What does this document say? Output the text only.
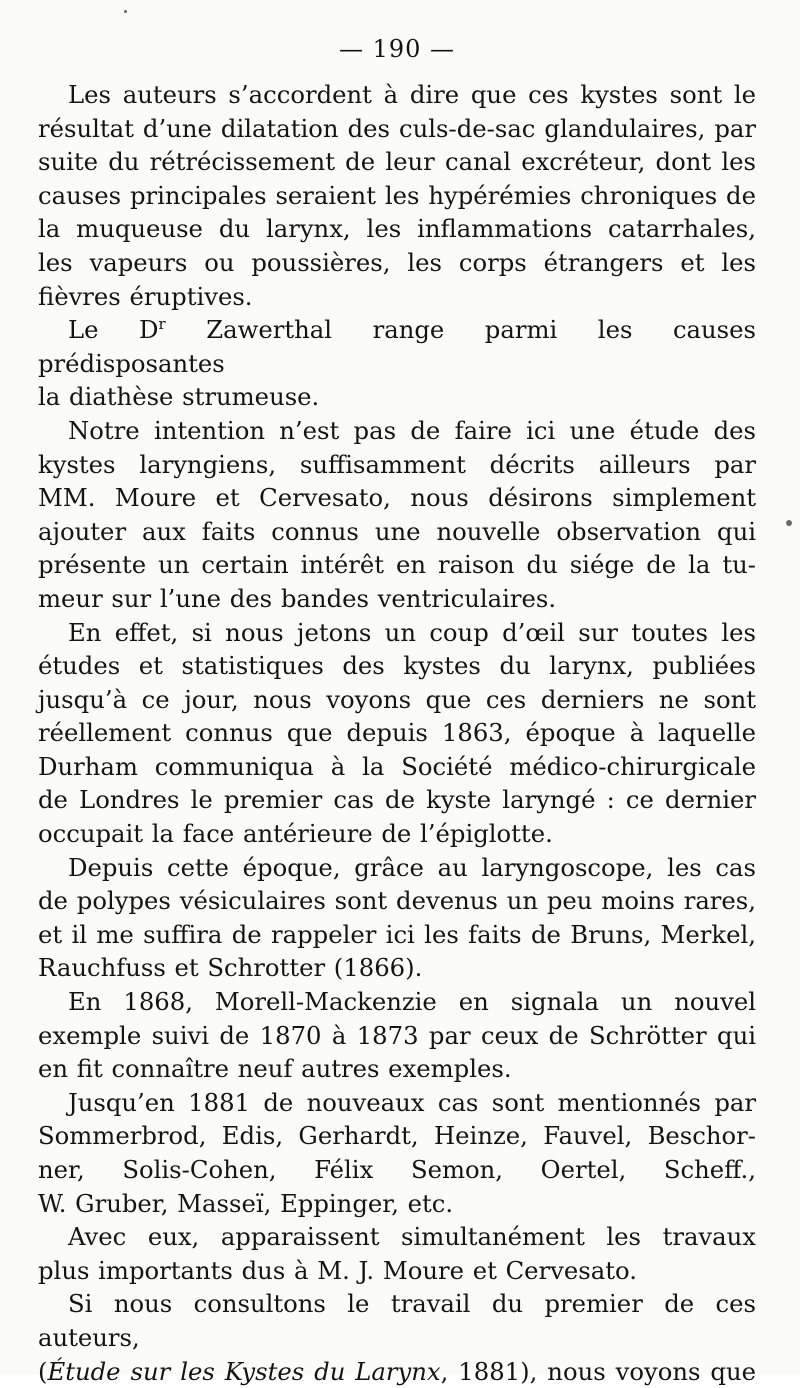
— 190 —

Les auteurs s’accordent à dire que ces kystes sont le
résultat d’une dilatation des culs-de-sac glandulaires, par
suite du rétrécissement de leur canal excréteur, dont les
causes principales seraient les hypérémies chroniques de
la muqueuse du larynx, les inflammations catarrhales,
les vapeurs ou poussières, les corps étrangers et les
fièvres éruptives.

Le $D^r$ Zawerthal range parmi les causes prédisposantes
la diathèse strumeuse.

Notre intention n’est pas de faire ici une étude des
kystes laryngiens, suffisamment décrits ailleurs par
MM. Moure et Cervesato, nous désirons simplement
ajouter aux faits connus une nouvelle observation qui
présente un certain intérêt en raison du siége de la tu-
meur sur l’une des bandes ventriculaires.

En effet, si nous jetons un coup d’œil sur toutes les
études et statistiques des kystes du larynx, publiées
jusqu’à ce jour, nous voyons que ces derniers ne sont
réellement connus que depuis 1863, époque à laquelle
Durham communiqua à la Société médico-chirurgicale
de Londres le premier cas de kyste laryngé : ce dernier
occupait la face antérieure de l’épiglotte.

Depuis cette époque, grâce au laryngoscope, les cas
de polypes vésiculaires sont devenus un peu moins rares,
et il me suffira de rappeler ici les faits de Bruns, Merkel,
Rauchfuss et Schrotter (1866).

En 1868, Morell-Mackenzie en signala un nouvel
exemple suivi de 1870 à 1873 par ceux de Schrötter qui
en fit connaître neuf autres exemples.

Jusqu’en 1881 de nouveaux cas sont mentionnés par
Sommerbrod, Edis, Gerhardt, Heinze, Fauvel, Beschor-
ner, Solis-Cohen, Félix Semon, Oertel, Scheff.,
W. Gruber, Masseï, Eppinger, etc.

Avec eux, apparaissent simultanément les travaux
plus importants dus à M. J. Moure et Cervesato.

Si nous consultons le travail du premier de ces auteurs,
(Étude sur les Kystes du Larynx, 1881), nous voyons que
